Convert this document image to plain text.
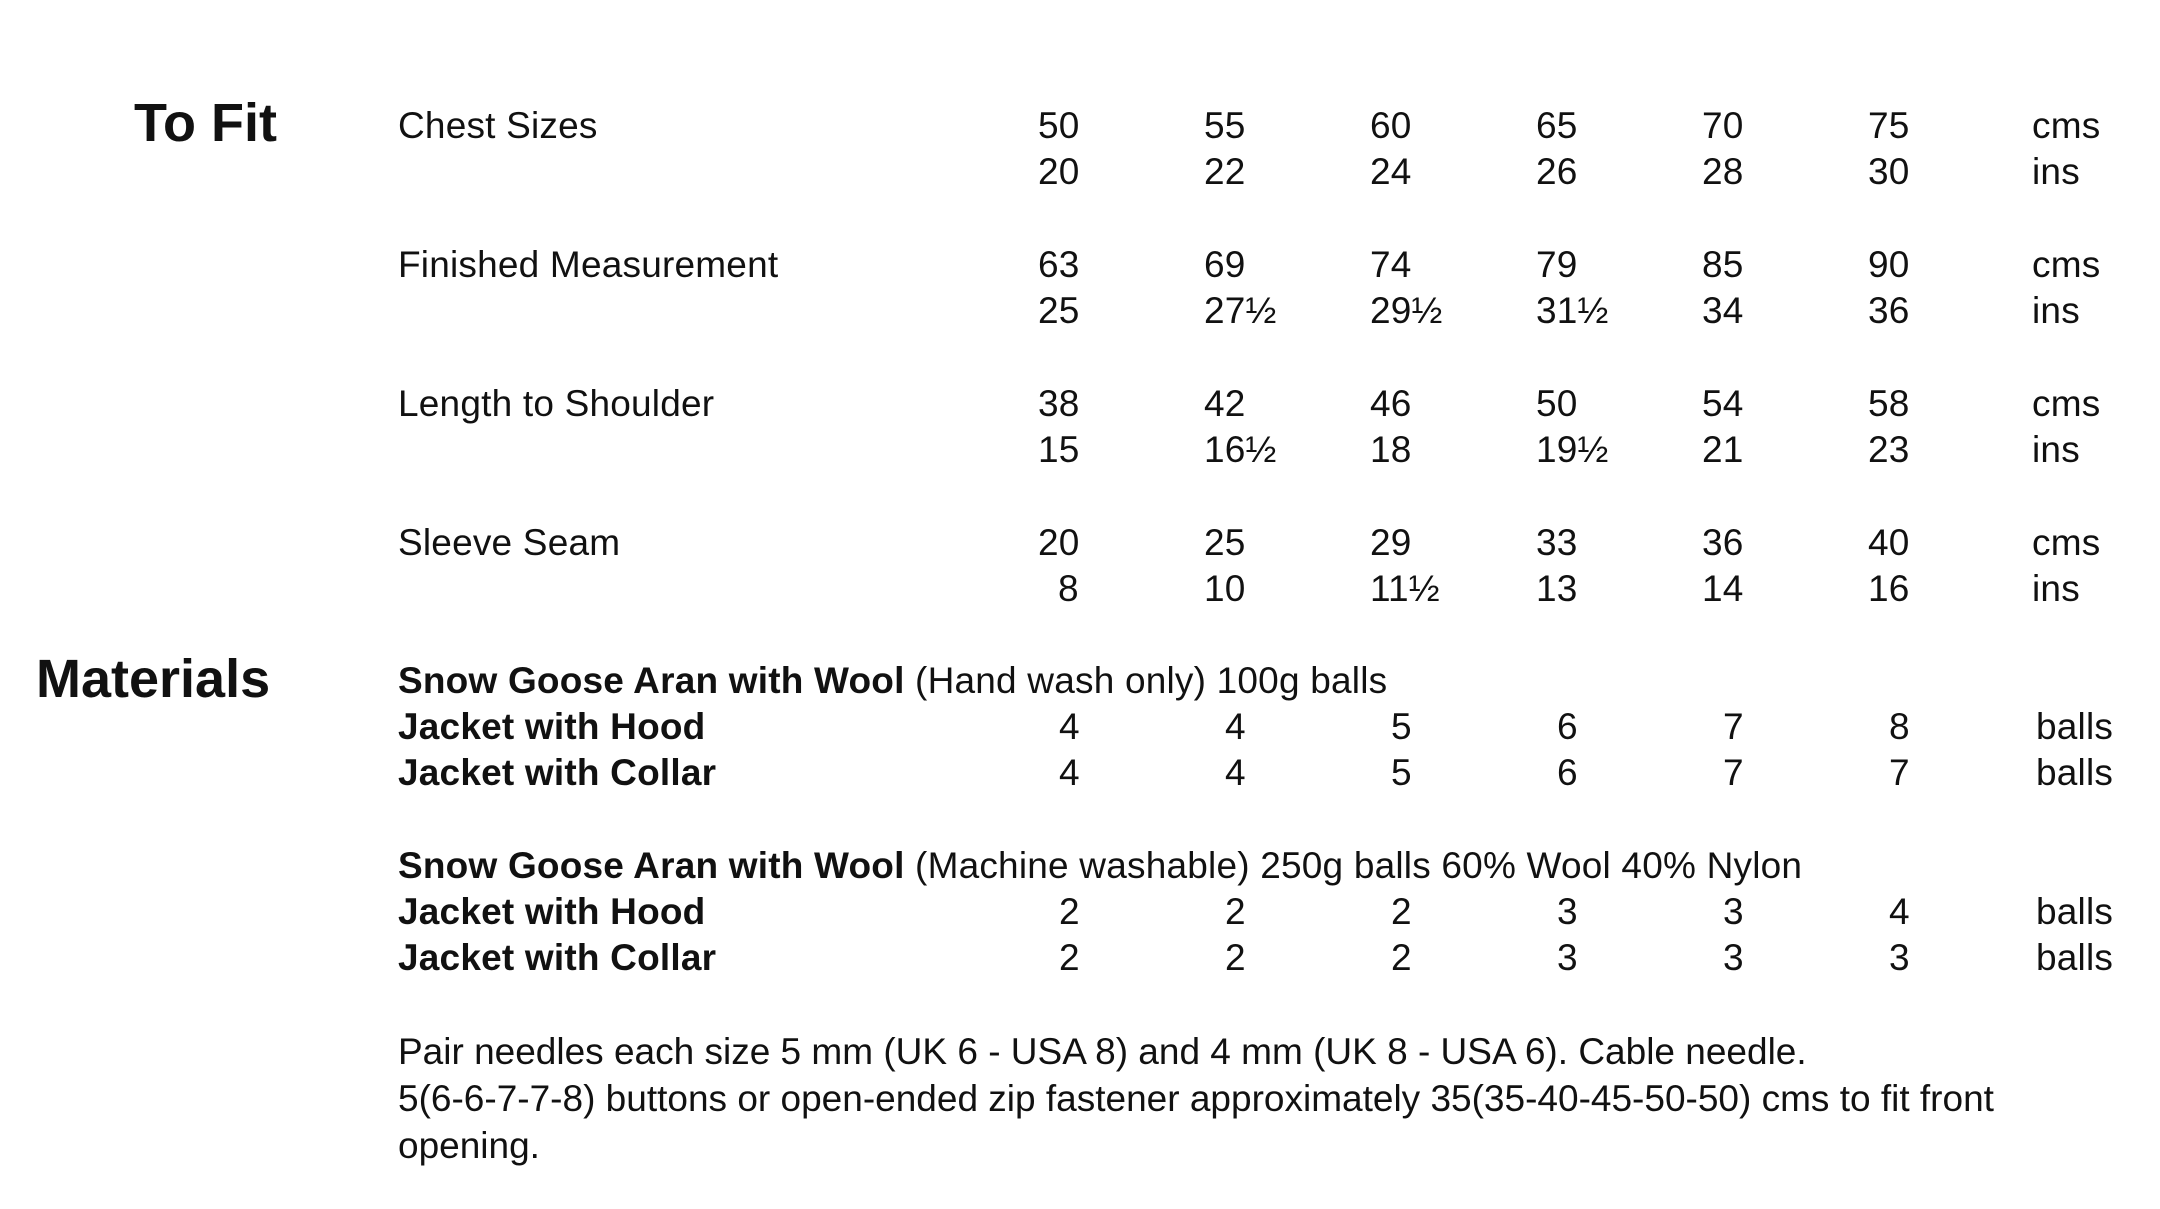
To Fit
Materials
Chest Sizes	50	55	60	65	70	75	cms
20	22	24	26	28	30	ins
Finished Measurement	63	69	74	79	85	90	cms
25	27½	29½	31½	34	36	ins
Length to Shoulder	38	42	46	50	54	58	cms
15	16½	18	19½	21	23	ins
Sleeve Seam	20	25	29	33	36	40	cms
8	10	11½	13	14	16	ins
Snow Goose Aran with Wool (Hand wash only) 100g balls
Jacket with Hood	4	4	5	6	7	8	balls
Jacket with Collar	4	4	5	6	7	7	balls
Snow Goose Aran with Wool (Machine washable) 250g balls 60% Wool 40% Nylon
Jacket with Hood	2	2	2	3	3	4	balls
Jacket with Collar	2	2	2	3	3	3	balls
Pair needles each size 5 mm (UK 6 - USA 8) and 4 mm (UK 8 - USA 6). Cable needle.
5(6-6-7-7-8) buttons or open-ended zip fastener approximately 35(35-40-45-50-50) cms to fit front
opening.
